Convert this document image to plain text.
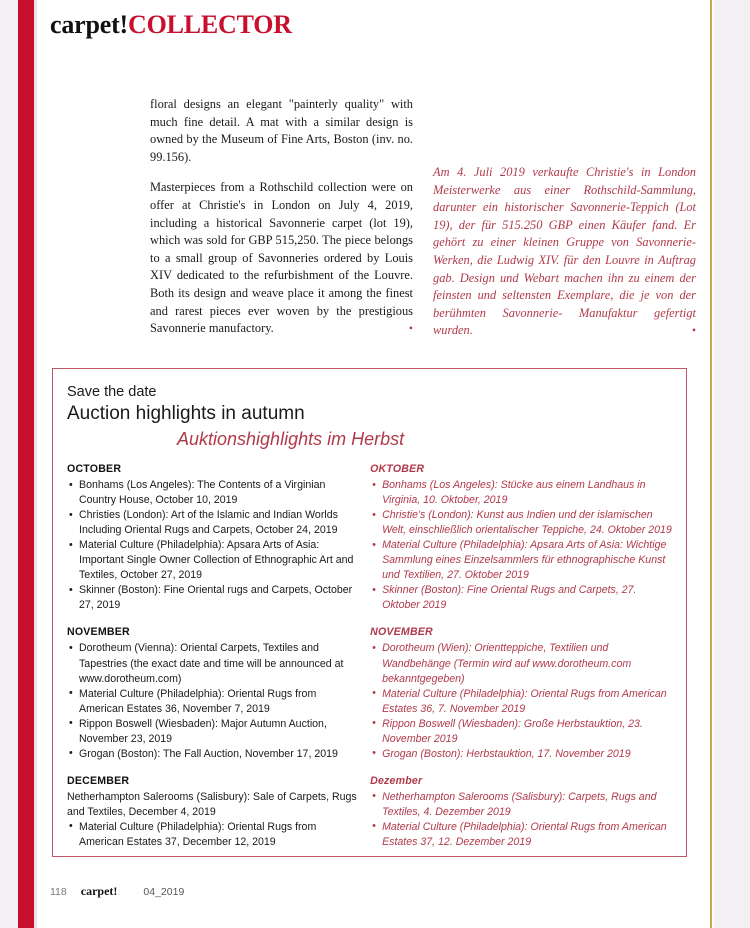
carpet!COLLECTOR

floral designs an elegant "painterly quality" with much fine detail. A mat with a similar design is owned by the Museum of Fine Arts, Boston (inv. no. 99.156).

Masterpieces from a Rothschild collection were on offer at Christie's in London on July 4, 2019, including a historical Savonnerie carpet (lot 19), which was sold for GBP 515,250. The piece belongs to a small group of Savonneries ordered by Louis XIV dedicated to the refurbishment of the Louvre. Both its design and weave place it among the finest and rarest pieces ever woven by the prestigious Savonnerie manufactory.	•

Am 4. Juli 2019 verkaufte Christie's in London Meisterwerke aus einer Rothschild-Sammlung, darunter ein historischer Savonnerie-Teppich (Lot 19), der für 515.250 GBP einen Käufer fand. Er gehört zu einer kleinen Gruppe von Savonnerie-Werken, die Ludwig XIV. für den Louvre in Auftrag gab. Design und Webart machen ihn zu einem der feinsten und seltensten Exemplare, die je von der berühmten Savonnerie- Manufaktur gefertigt wurden.	•

Save the date
Auction highlights in autumn
Auktionshighlights im Herbst
OCTOBER
• Bonhams (Los Angeles): The Contents of a Virginian Country House, October 10, 2019
• Christies (London): Art of the Islamic and Indian Worlds Including Oriental Rugs and Carpets, October 24, 2019
• Material Culture (Philadelphia): Apsara Arts of Asia: Important Single Owner Collection of Ethnographic Art and Textiles, October 27, 2019
• Skinner (Boston): Fine Oriental rugs and Carpets, October 27, 2019
NOVEMBER
• Dorotheum (Vienna): Oriental Carpets, Textiles and Tapestries (the exact date and time will be announced at www.dorotheum.com)
• Material Culture (Philadelphia): Oriental Rugs from American Estates 36, November 7, 2019
• Rippon Boswell (Wiesbaden): Major Autumn Auction, November 23, 2019
• Grogan (Boston): The Fall Auction, November 17, 2019
DECEMBER
Netherhampton Salerooms (Salisbury): Sale of Carpets, Rugs and Textiles, December 4, 2019
• Material Culture (Philadelphia): Oriental Rugs from American Estates 37, December 12, 2019
OKTOBER
• Bonhams (Los Angeles): Stücke aus einem Landhaus in Virginia, 10. Oktober, 2019
• Christie's (London): Kunst aus Indien und der islamischen Welt, einschließlich orientalischer Teppiche, 24. Oktober 2019
• Material Culture (Philadelphia): Apsara Arts of Asia: Wichtige Sammlung eines Einzelsammlers für ethnographische Kunst und Textilien, 27. Oktober 2019
• Skinner (Boston): Fine Oriental Rugs and Carpets, 27. Oktober 2019
NOVEMBER
• Dorotheum (Wien): Orientteppiche, Textilien und Wandbehänge (Termin wird auf www.dorotheum.com bekanntgegeben)
• Material Culture (Philadelphia): Oriental Rugs from American Estates 36, 7. November 2019
• Rippon Boswell (Wiesbaden): Große Herbstauktion, 23. November 2019
• Grogan (Boston): Herbstauktion, 17. November 2019
Dezember
• Netherhampton Salerooms (Salisbury): Carpets, Rugs and Textiles, 4. Dezember 2019
• Material Culture (Philadelphia): Oriental Rugs from American Estates 37, 12. Dezember 2019
118 carpet!	04_2019
